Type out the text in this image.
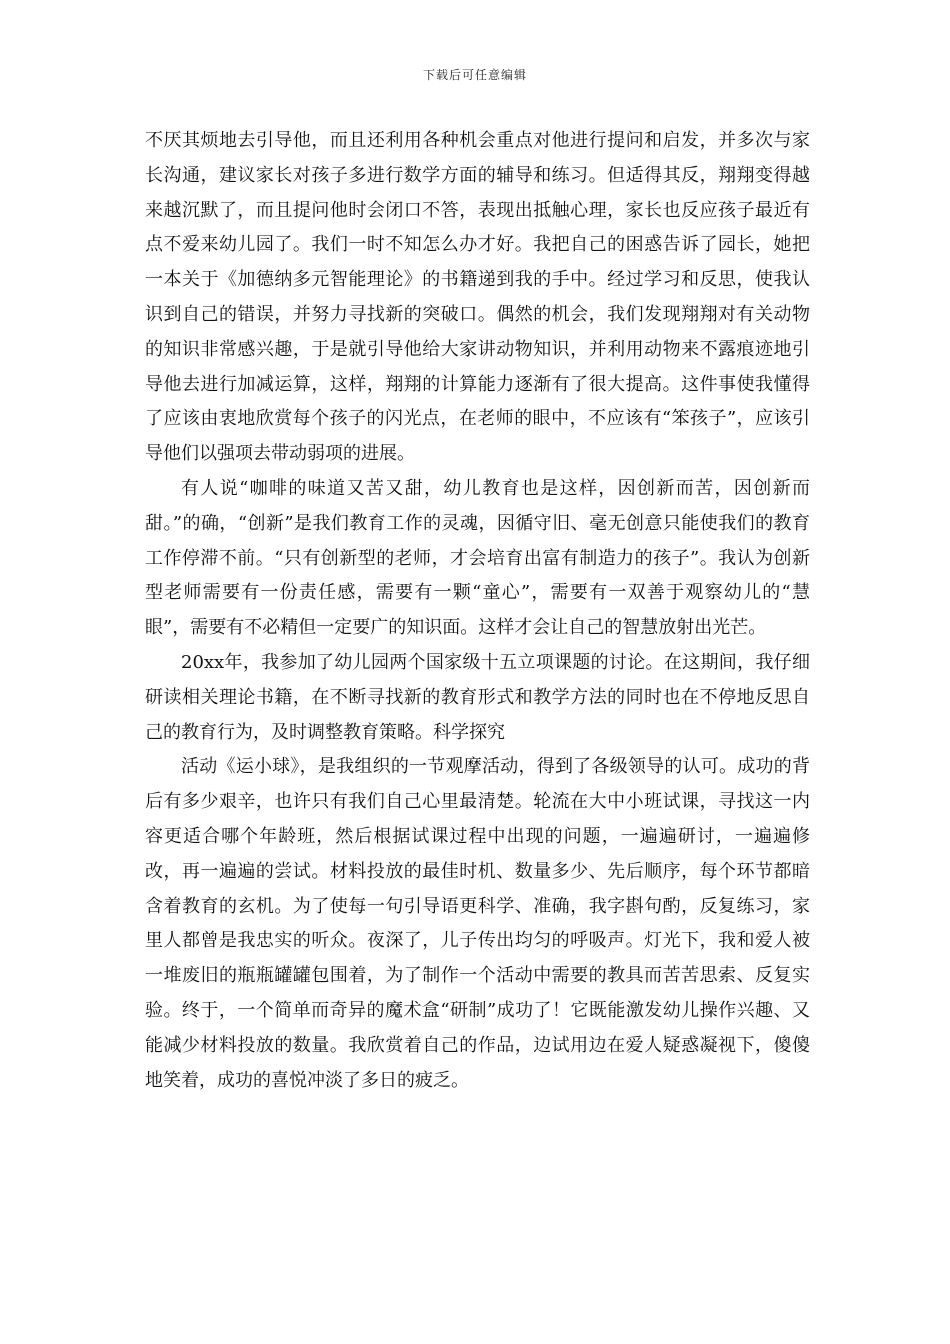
下载后可任意编辑

不厌其烦地去引导他，而且还利用各种机会重点对他进行提问和启发，并多次与家长沟通，建议家长对孩子多进行数学方面的辅导和练习。但适得其反，翔翔变得越来越沉默了，而且提问他时会闭口不答，表现出抵触心理，家长也反应孩子最近有点不爱来幼儿园了。我们一时不知怎么办才好。我把自己的困惑告诉了园长，她把一本关于《加德纳多元智能理论》的书籍递到我的手中。经过学习和反思，使我认识到自己的错误，并努力寻找新的突破口。偶然的机会，我们发现翔翔对有关动物的知识非常感兴趣，于是就引导他给大家讲动物知识，并利用动物来不露痕迹地引导他去进行加减运算，这样，翔翔的计算能力逐渐有了很大提高。这件事使我懂得了应该由衷地欣赏每个孩子的闪光点，在老师的眼中，不应该有“笨孩子”，应该引导他们以强项去带动弱项的进展。

有人说“咖啡的味道又苦又甜，幼儿教育也是这样，因创新而苦，因创新而甜。”的确，“创新”是我们教育工作的灵魂，因循守旧、毫无创意只能使我们的教育工作停滞不前。“只有创新型的老师，才会培育出富有制造力的孩子”。我认为创新型老师需要有一份责任感，需要有一颗“童心”，需要有一双善于观察幼儿的“慧眼”，需要有不必精但一定要广的知识面。这样才会让自己的智慧放射出光芒。

20xx年，我参加了幼儿园两个国家级十五立项课题的讨论。在这期间，我仔细研读相关理论书籍，在不断寻找新的教育形式和教学方法的同时也在不停地反思自己的教育行为，及时调整教育策略。科学探究

活动《运小球》，是我组织的一节观摩活动，得到了各级领导的认可。成功的背后有多少艰辛，也许只有我们自己心里最清楚。轮流在大中小班试课，寻找这一内容更适合哪个年龄班，然后根据试课过程中出现的问题，一遍遍研讨，一遍遍修改，再一遍遍的尝试。材料投放的最佳时机、数量多少、先后顺序，每个环节都暗含着教育的玄机。为了使每一句引导语更科学、准确，我字斟句酌，反复练习，家里人都曾是我忠实的听众。夜深了，儿子传出均匀的呼吸声。灯光下，我和爱人被一堆废旧的瓶瓶罐罐包围着，为了制作一个活动中需要的教具而苦苦思索、反复实验。终于，一个简单而奇异的魔术盒“研制”成功了！它既能激发幼儿操作兴趣、又能减少材料投放的数量。我欣赏着自己的作品，边试用边在爱人疑惑凝视下，傻傻地笑着，成功的喜悦冲淡了多日的疲乏。
